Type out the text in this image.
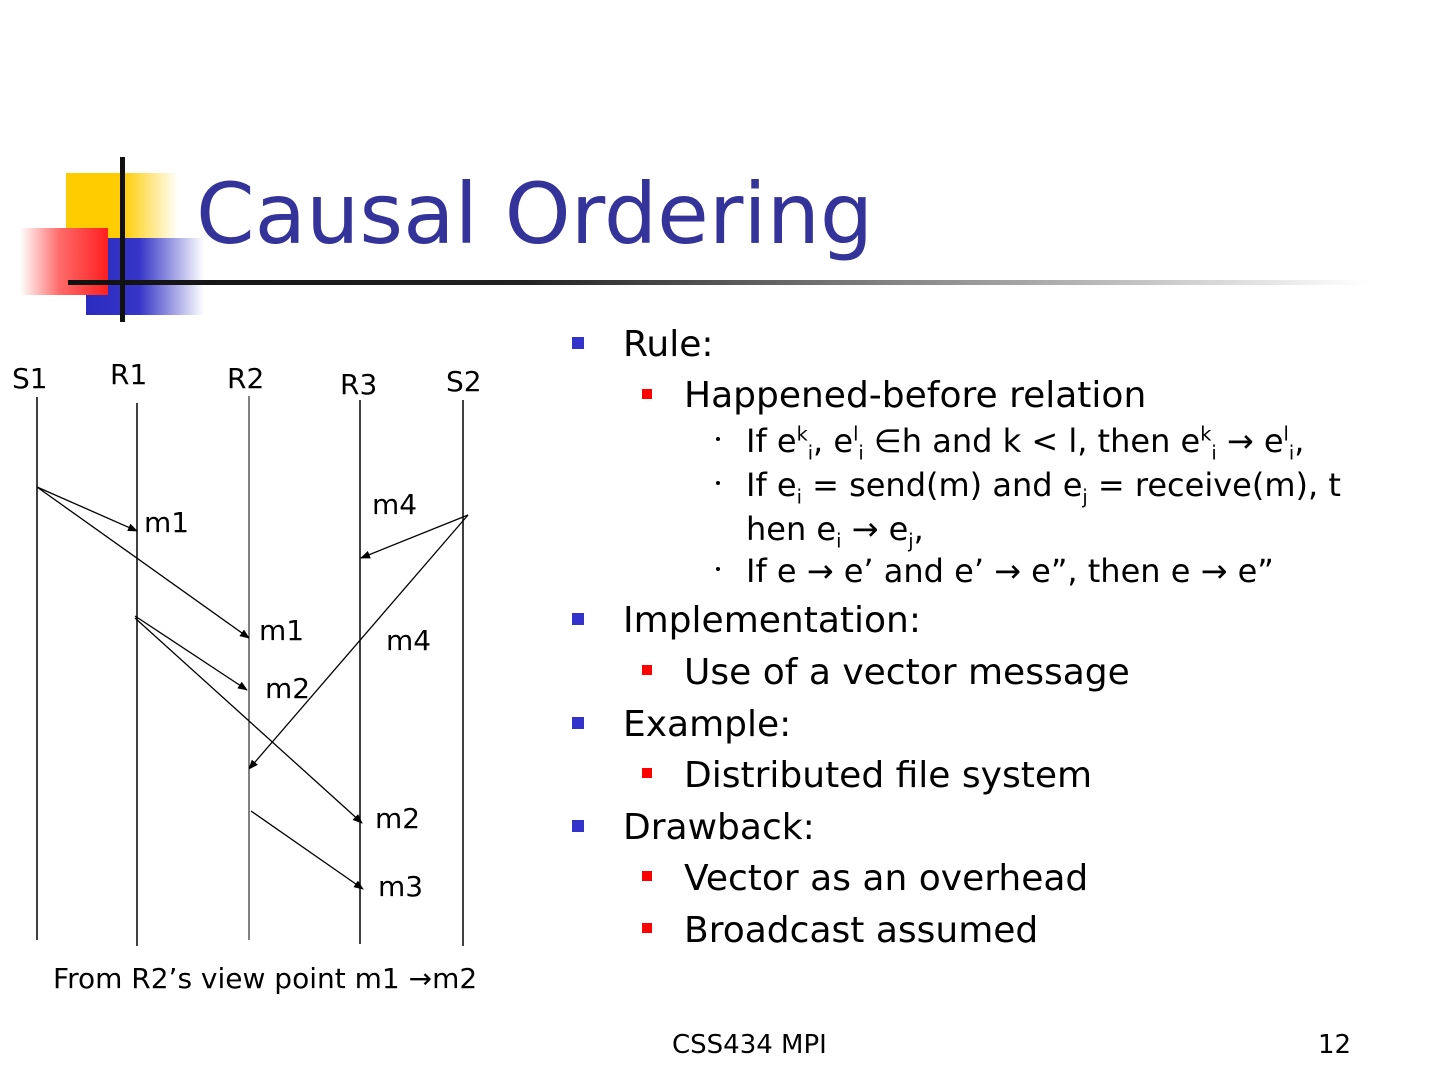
Causal Ordering
S1 R1	R2	R3 S2
m1
m1
m2
m2
m3
m4
m4
From R2’s view point m1 →m2
Rule:
Happened-before relation
If $e^k_i$, $e^l_i$ ∈h and k < l, then $e^k_i \to e^l_i$,
If $e_i$ = send(m) and $e_j$ = receive(m), t
hen $e_i \to e_j$,
If e → e’ and e’ → e”, then e → e”
Implementation:
Use of a vector message
Example:
Distributed file system
Drawback:
Vector as an overhead
Broadcast assumed
CSS434 MPI	12
